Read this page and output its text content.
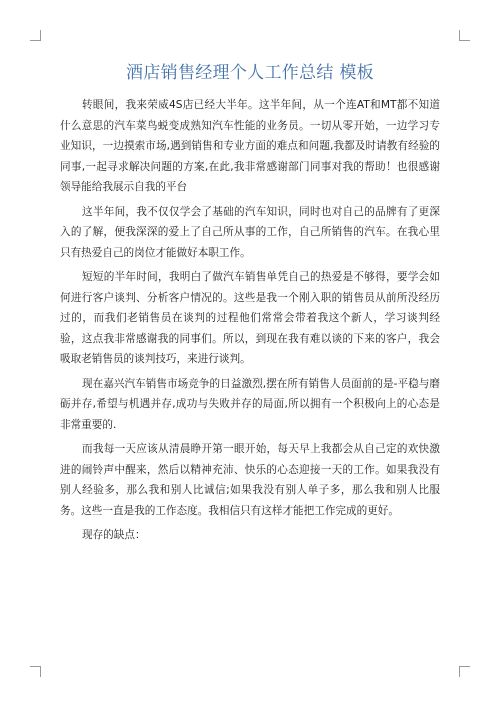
酒店销售经理个人工作总结 模板

转眼间，我来荣威4S店已经大半年。这半年间，从一个连AT和MT都不知道什么意思的汽车菜鸟蜕变成熟知汽车性能的业务员。一切从零开始，一边学习专业知识，一边摸索市场,遇到销售和专业方面的难点和问题,我都及时请教有经验的同事,一起寻求解决问题的方案,在此,我非常感谢部门同事对我的帮助！也很感谢领导能给我展示自我的平台

这半年间，我不仅仅学会了基础的汽车知识，同时也对自己的品牌有了更深入的了解，便我深深的爱上了自己所从事的工作，自己所销售的汽车。在我心里只有热爱自己的岗位才能做好本职工作。

短短的半年时间，我明白了做汽车销售单凭自己的热爱是不够得，要学会如何进行客户谈判、分析客户情况的。这些是我一个刚入职的销售员从前所没经历过的，而我们老销售员在谈判的过程他们常常会带着我这个新人，学习谈判经验，这点我非常感谢我的同事们。所以，到现在我有难以谈的下来的客户，我会吸取老销售员的谈判技巧，来进行谈判。

现在嘉兴汽车销售市场竞争的日益激烈,摆在所有销售人员面前的是-平稳与磨砺并存,希望与机遇并存,成功与失败并存的局面,所以拥有一个积极向上的心态是非常重要的.

而我每一天应该从清晨睁开第一眼开始，每天早上我都会从自己定的欢快激进的闹铃声中醒来，然后以精神充沛、快乐的心态迎接一天的工作。如果我没有别人经验多，那么我和别人比诚信;如果我没有别人单子多，那么我和别人比服务。这些一直是我的工作态度。我相信只有这样才能把工作完成的更好。

现存的缺点：
